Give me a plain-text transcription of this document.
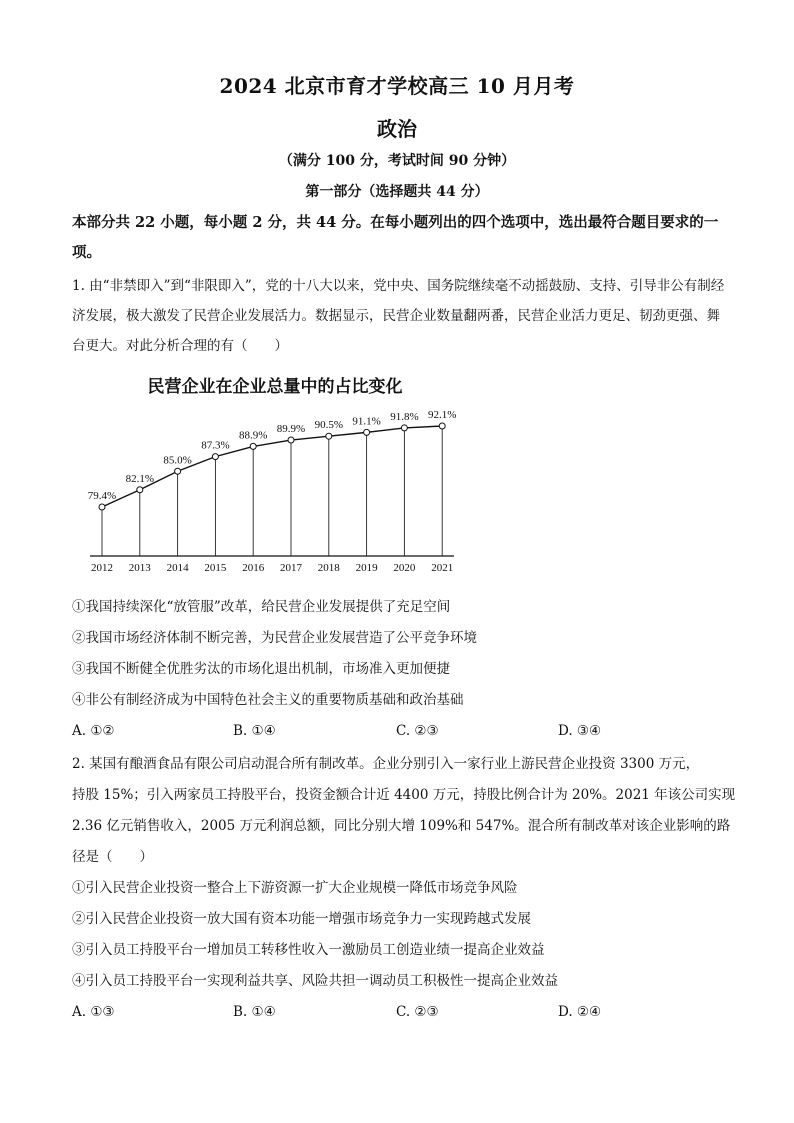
2024 北京市育才学校高三 10 月月考
政治
（满分 100 分，考试时间 90 分钟）
第一部分（选择题共 44 分）
本部分共 22 小题，每小题 2 分，共 44 分。在每小题列出的四个选项中，选出最符合题目要求的一项。
1. 由“非禁即入”到“非限即入”，党的十八大以来，党中央、国务院继续毫不动摇鼓励、支持、引导非公有制经济发展，极大激发了民营企业发展活力。数据显示，民营企业数量翻两番，民营企业活力更足、韧劲更强、舞台更大。对此分析合理的有（　　）
民营企业在企业总量中的占比变化
79.4%
82.1%
85.0%
87.3%
88.9%
89.9% 90.5% 91.1% 91.8% 92.1%
2012 2013 2014 2015 2016 2017 2018 2019 2020 2021
①我国持续深化“放管服”改革，给民营企业发展提供了充足空间
②我国市场经济体制不断完善，为民营企业发展营造了公平竞争环境
③我国不断健全优胜劣汰的市场化退出机制，市场准入更加便捷
④非公有制经济成为中国特色社会主义的重要物质基础和政治基础
A. ①②	B. ①④	C. ②③	D. ③④
2. 某国有酿酒食品有限公司启动混合所有制改革。企业分别引入一家行业上游民营企业投资 3300 万元，
持股 15%；引入两家员工持股平台，投资金额合计近 4400 万元，持股比例合计为 20%。2021 年该公司实现
2.36 亿元销售收入，2005 万元利润总额，同比分别大增 109%和 547%。混合所有制改革对该企业影响的路
径是（　　）
①引入民营企业投资一整合上下游资源一扩大企业规模一降低市场竞争风险
②引入民营企业投资一放大国有资本功能一增强市场竞争力一实现跨越式发展
③引入员工持股平台一增加员工转移性收入一激励员工创造业绩一提高企业效益
④引入员工持股平台一实现利益共享、风险共担一调动员工积极性一提高企业效益
A. ①③	B. ①④	C. ②③	D. ②④
